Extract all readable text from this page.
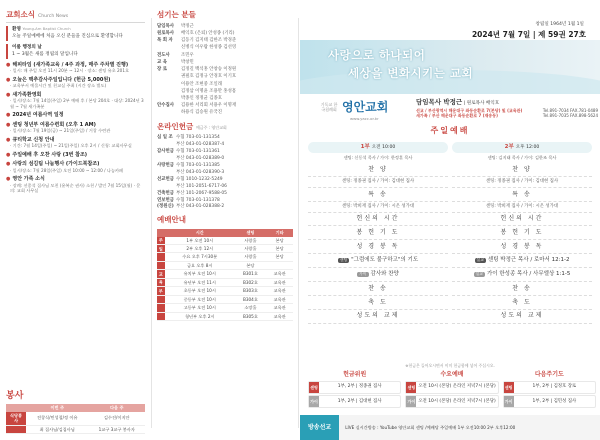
교회소식 Church News
환영 Young-Am Baptist Church
오늘 주일예배에 처음 오신 분들을 진심으로 환영합니다
이룸 행정의 날
1 ~ 3월은 새롭 정립의 달입니다
● 해피타임 (새가족교육 / 4주 과정, 매주 주차별 진행)
· 일시: 매 주일 오전 11시 20분 ~ 12시 · 장소: 센팅 유초 201호
● 오늘은 맥추감사주일입니다 (헌금 5,000원)
· 교육부서 예물시간 및 친교실 주최 (시간 장소 별도)
● 새가족환영회
· 일시/장소: 7월 14일(주일) 2부 예배 후 / 본당 204호 · 대상: 2024년 3월 ~ 7월 새가족분
● 2024년 여름사역 일정
● 센팅 청년부 여름수련회 (오후 1 AM)
· 일시/장소: 7월 19일(금) ~ 21일(주일) / 거창 수련관
● 큐티학교 신청 안내
· 기간: 7월 14일(주일) ~ 21일(주일) 오후 2시 / 신청: 교회사무실
● 주일예배 후 오찬 사랑 (3번 참조)
● 사랑의 섬김팀 나눔행사 (가이드북참조)
· 일시/장소: 7월 28일(주일) 오전 10:00 ~ 12:00 / 나눔카페
● 영안 가족 소식
· 장례: 선종석 집사님 모친 (윤복순 권사) 소천 / 발인 7월 15일(월) · 문의: 교회 사무실
봉사
	이번 주	다음 주
식당봉사	전창식/민성철/정 이유	김수진/이지안
	최 집사님/김집사님	1교구 3교구 봉사자
섬기는 분들
담임목사	박정근
원로목사	배익호 (은퇴) 안성종 (기리)
목 회 자	김동기 김지태 김한조 박경준
신병식 이우람 한성종 김선영
전도사	조민우
교 육	박창민
장 로	김정길 백석홍 안창승 이정원
권필호 김정규 안경호 이기호
이용안 조현중 조일래
김정삼 이명윤 조용만 홍성흠
박종인 정정균 김종호
안수집사	김용한 서리회 서용우 이명재
하용식 김승원 유국진
온라인헌금 예금주 : 영안교회
십 일 조 수협 703-01-131354
부산 043-01-028387-4
감사헌금 수협 703-01-131361
부산 043-01-028389-0
사랑헌금 수협 703-01-131385
부산 043-01-028390-3
선교헌금 수협 1010-1232-5249
부산 101-2051-6717-06
건축헌금 부산 101-2067-9588-05
연보헌금 수협 703-01-131378
(정원신) 부산 043-01-028388-2
예배안내
	시간	센팅	기타
주	1부 오전 10시	사랑홀	본당
일	2부 오후 12시	사랑홀	본당
	수요 오후 7시30분	사랑홀	본당
	금요 오후 8시	본당	
교	유치부 오전 10시	B301호	교육관
육	유년부 오전 11시	B302호	교육관
부	초등부 오전 10시	B303호	교육관
	중등부 오전 10시	B304호	교육관
	고등부 오전 10시	소망홀	교육관
	청년부 오후 2시	B305호	교육관
창립일 1964년 1월 1일
2024년 7월 7일 | 제 59권 27호
사랑으로 하나되어
세상을 변화시키는 교회
기독교 한국침례회 영안교회
www.yacc.or.kr
담임목사 박정근 | 원로목사 배익호
선교 / 부산광역시 해운대구 좌동순환로 7(본당) 및 (교육관)	Tel.891-7034 FAX.781-0489
새가족 / 부산 해운대구 좌동순환로 7 (재송동)	Tel.891-7035 FAX.898-5624
주일예배
1부 오전 10:00
센팅: 신동석 목사 / 가이: 한정훈 목사
찬 양
센팅: 정종권 집사 / 가이: 김대현 집사
특 송
센팅: 박희재 집사 / 가이: 시온 성가대
헌신의 시간
봉 헌 기 도
성 경 봉 독
센팅 "그럼에도 불구하고"의 기도
가이 감사와 찬양
찬 송
축 도
성도의 교제
2부 오후 12:00
센팅: 김지태 목사 / 가이: 김한조 목사
찬 양
센팅: 정종권 집사 / 가이: 김대현 집사
특 송
센팅: 박희재 집사 / 가이: 시온 성가대
헌신의 시간
봉 헌 기 도
성 경 봉 독
설교 센팅 박정근 목사 / 로마서 12:1-2
설교 가이 한성종 목사 / 사무엘상 1:1-5
찬 송
축 도
성도의 교제
※헌금은 들어오시면서 이미 헌금함에 넣어 주십시오.
헌금위원
센팅	1부, 2부 | 정종권 집사
가이	1부, 2부 | 김대현 집사
수요예배
센팅 오전 10시 (본당) 온라인 저녁7시 (본당)
가이 오전 10시 (본당) 온라인 저녁7시 (본당)
다음주기도
센팅	1부, 2부 | 김정호 장로
가이	1부, 2부 | 김민성 집사
방송선교	LIVE 실시간방송 : YouTube 영안교회 센팅 /예배당 주일예배 1부 오전10:00 2부 오후12:00
